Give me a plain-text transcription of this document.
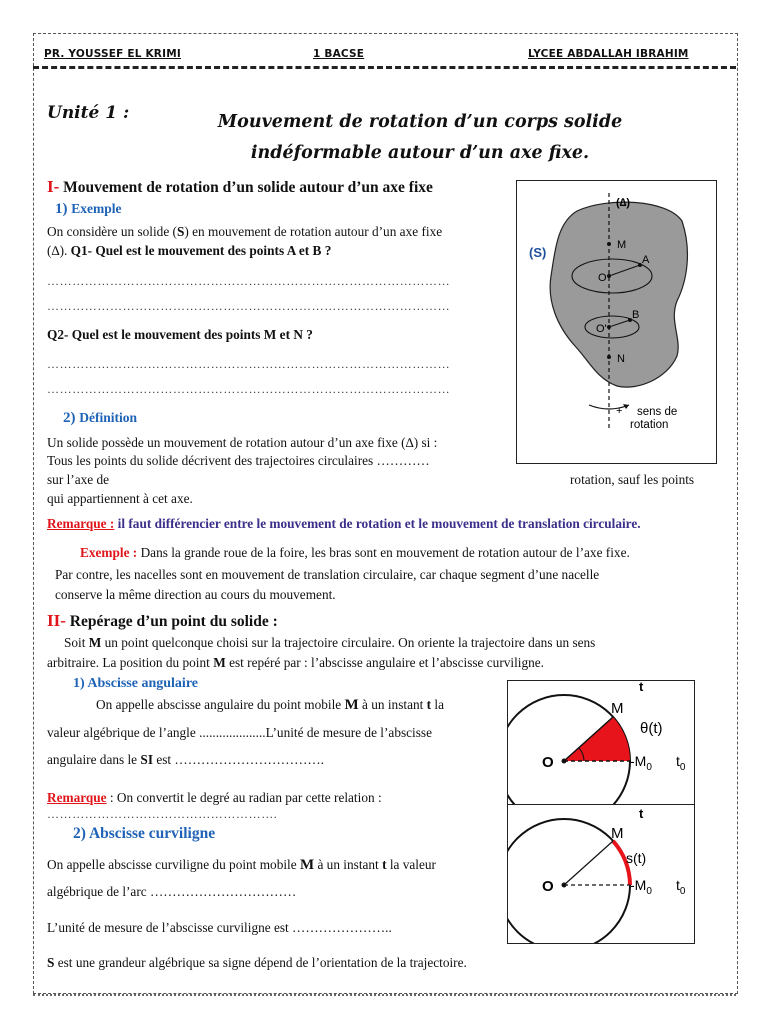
PR. YOUSSEF EL KRIMI	1 BACSE	LYCEE ABDALLAH IBRAHIM
Unité 1 :	Mouvement de rotation d’un corps solide
indéformable autour d’un axe fixe.
I- Mouvement de rotation d’un solide autour d’un axe fixe
1) Exemple
On considère un solide (S) en mouvement de rotation autour d’un axe fixe
(∆). Q1- Quel est le mouvement des points A et B ?
……………………………………………………………………………………
……………………………………………………………………………………
Q2- Quel est le mouvement des points M et N ?
……………………………………………………………………………………
……………………………………………………………………………………
(∆)
(S)	M
O
A
O'
B
N
+ sens de
rotation
2) Définition
Un solide possède un mouvement de rotation autour d’un axe fixe (∆) si :
Tous les points du solide décrivent des trajectoires circulaires …………
sur l’axe de	rotation, sauf les points
qui appartiennent à cet axe.
Remarque : il faut différencier entre le mouvement de rotation et le mouvement de translation circulaire.
Exemple : Dans la grande roue de la foire, les bras sont en mouvement de rotation autour de l’axe fixe.
Par contre, les nacelles sont en mouvement de translation circulaire, car chaque segment d’une nacelle
conserve la même direction au cours du mouvement.
II- Repérage d’un point du solide :
Soit M un point quelconque choisi sur la trajectoire circulaire. On oriente la trajectoire dans un sens
arbitraire. La position du point M est repéré par : l’abscisse angulaire et l’abscisse curviligne.
1) Abscisse angulaire
On appelle abscisse angulaire du point mobile M à un instant t la
valeur algébrique de l’angle ....................L’unité de mesure de l’abscisse
angulaire dans le SI est …………………………….
Remarque : On convertit le degré au radian par cette relation :
……………………………………………….
2) Abscisse curviligne
On appelle abscisse curviligne du point mobile M à un instant t la valeur
algébrique de l’arc ……………………………
L’unité de mesure de l’abscisse curviligne est …………………..
S est une grandeur algébrique sa signe dépend de l’orientation de la trajectoire.
t
M
θ(t)
O	$-M_0$ $t_0$
t
M
s(t)
O	$-M_0$ $t_0$
